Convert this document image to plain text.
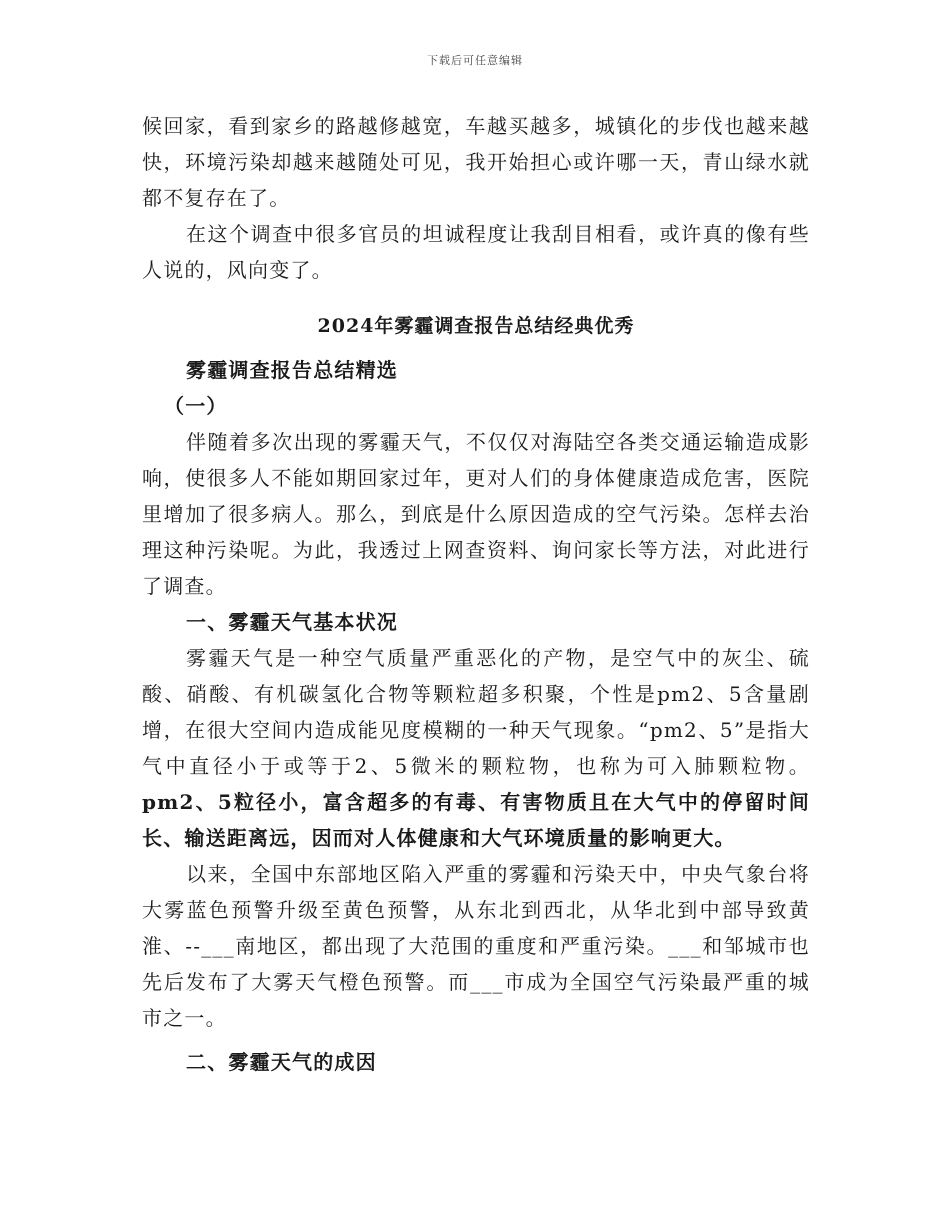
下载后可任意编辑

候回家，看到家乡的路越修越宽，车越买越多，城镇化的步伐也越来越快，环境污染却越来越随处可见，我开始担心或许哪一天，青山绿水就都不复存在了。

在这个调查中很多官员的坦诚程度让我刮目相看，或许真的像有些人说的，风向变了。

2024年雾霾调查报告总结经典优秀

雾霾调查报告总结精选

（一）

伴随着多次出现的雾霾天气，不仅仅对海陆空各类交通运输造成影响，使很多人不能如期回家过年，更对人们的身体健康造成危害，医院里增加了很多病人。那么，到底是什么原因造成的空气污染。怎样去治理这种污染呢。为此，我透过上网查资料、询问家长等方法，对此进行了调查。

一、雾霾天气基本状况

雾霾天气是一种空气质量严重恶化的产物，是空气中的灰尘、硫酸、硝酸、有机碳氢化合物等颗粒超多积聚，个性是pm2、5含量剧增，在很大空间内造成能见度模糊的一种天气现象。“pm2、5”是指大气中直径小于或等于2、5微米的颗粒物，也称为可入肺颗粒物。pm2、5粒径小，富含超多的有毒、有害物质且在大气中的停留时间长、输送距离远，因而对人体健康和大气环境质量的影响更大。

以来，全国中东部地区陷入严重的雾霾和污染天中，中央气象台将大雾蓝色预警升级至黄色预警，从东北到西北，从华北到中部导致黄淮、--___南地区，都出现了大范围的重度和严重污染。___和邹城市也先后发布了大雾天气橙色预警。而___市成为全国空气污染最严重的城市之一。

二、雾霾天气的成因
